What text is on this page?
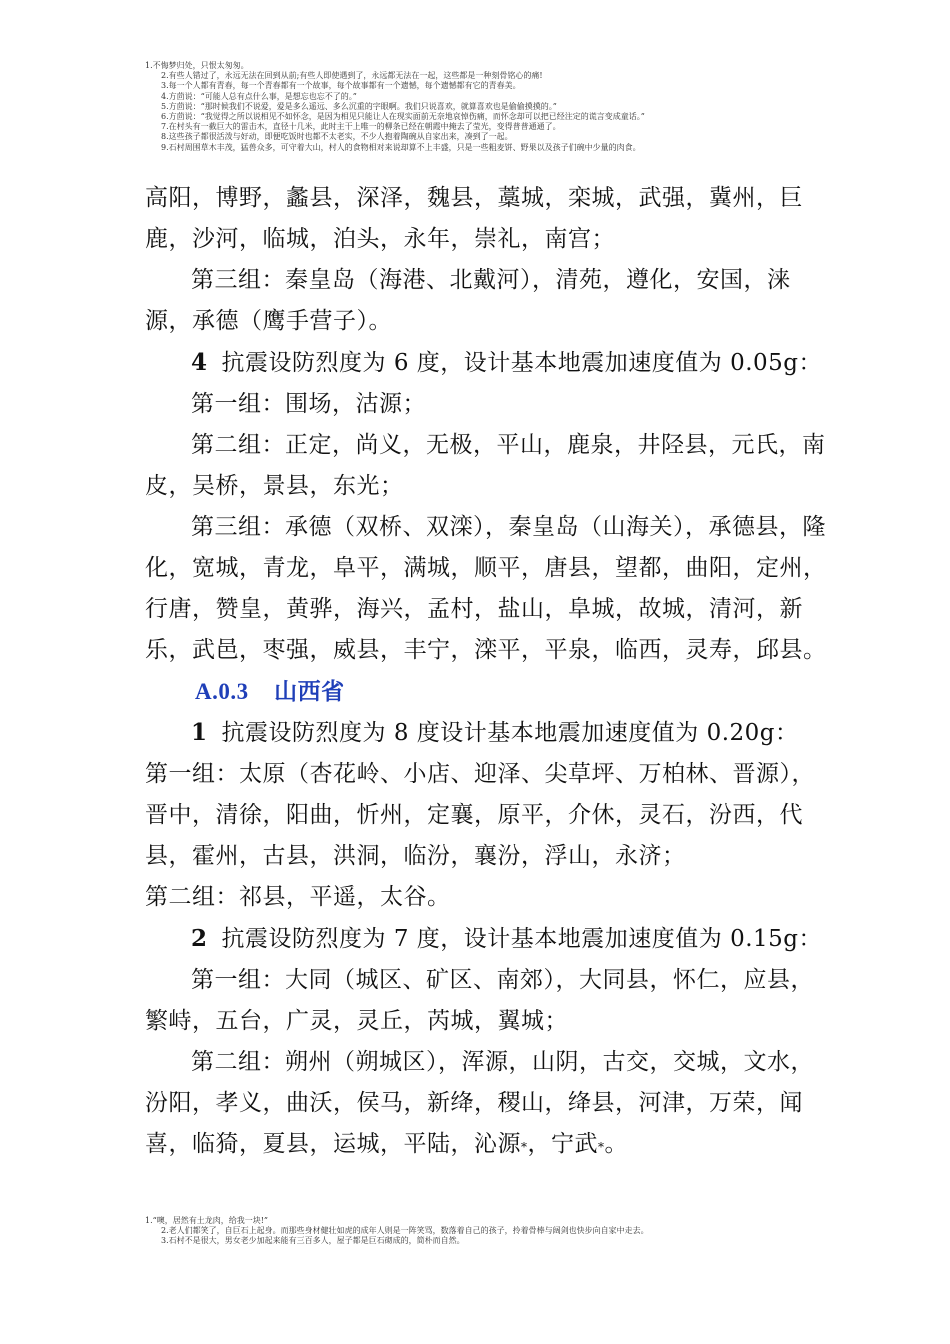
1.不悔梦归处，只恨太匆匆。
2.有些人错过了，永远无法在回到从前;有些人即使遇到了，永远都无法在一起，这些都是一种刻骨铭心的痛!
3.每一个人都有青春，每一个青春都有一个故事，每个故事都有一个遗憾，每个遗憾都有它的青春美。
4.方茴说：“可能人总有点什么事，是想忘也忘不了的。”
5.方茴说：“那时候我们不说爱，爱是多么遥远、多么沉重的字眼啊。我们只说喜欢，就算喜欢也是偷偷摸摸的。”
6.方茴说：“我觉得之所以说相见不如怀念，是因为相见只能让人在现实面前无奈地哀悼伤痛，而怀念却可以把已经注定的谎言变成童话。”
7.在村头有一截巨大的雷击木，直径十几米，此时主干上唯一的柳条已经在朝霞中掩去了莹光，变得普普通通了。
8.这些孩子都很活泼与好动，即便吃饭时也都不太老实，不少人抱着陶碗从自家出来，凑到了一起。
9.石村周围草木丰茂，猛兽众多，可守着大山，村人的食物相对来说却算不上丰盛，只是一些粗麦饼、野果以及孩子们碗中少量的肉食。

高阳，博野，蠡县，深泽，魏县，藁城，栾城，武强，冀州，巨鹿，沙河，临城，泊头，永年，崇礼，南宫；

第三组：秦皇岛（海港、北戴河），清苑，遵化，安国，涞源，承德（鹰手营子）。

4 抗震设防烈度为 6 度，设计基本地震加速度值为 0.05g：

第一组：围场，沽源；

第二组：正定，尚义，无极，平山，鹿泉，井陉县，元氏，南皮，吴桥，景县，东光；

第三组：承德（双桥、双滦），秦皇岛（山海关），承德县，隆化，宽城，青龙，阜平，满城，顺平，唐县，望都，曲阳，定州，行唐，赞皇，黄骅，海兴，孟村，盐山，阜城，故城，清河，新乐，武邑，枣强，威县，丰宁，滦平，平泉，临西，灵寿，邱县。

A.0.3 山西省

1 抗震设防烈度为 8 度设计基本地震加速度值为 0.20g：

第一组：太原（杏花岭、小店、迎泽、尖草坪、万柏林、晋源），晋中，清徐，阳曲，忻州，定襄，原平，介休，灵石，汾西，代县，霍州，古县，洪洞，临汾，襄汾，浮山，永济；

第二组：祁县，平遥，太谷。

2 抗震设防烈度为 7 度，设计基本地震加速度值为 0.15g：

第一组：大同（城区、矿区、南郊），大同县，怀仁，应县，繁峙，五台，广灵，灵丘，芮城，翼城；

第二组：朔州（朔城区），浑源，山阴，古交，交城，文水，汾阳，孝义，曲沃，侯马，新绛，稷山，绛县，河津，万荣，闻喜，临猗，夏县，运城，平陆，沁源*，宁武*。

1.“噢，居然有土龙肉，给我一块!”
2.老人们都笑了，自巨石上起身。而那些身材健壮如虎的成年人则是一阵笑骂，数落着自己的孩子，拎着骨棒与阔剑也快步向自家中走去。
3.石村不是很大，男女老少加起来能有三百多人，屋子都是巨石砌成的，简朴而自然。
